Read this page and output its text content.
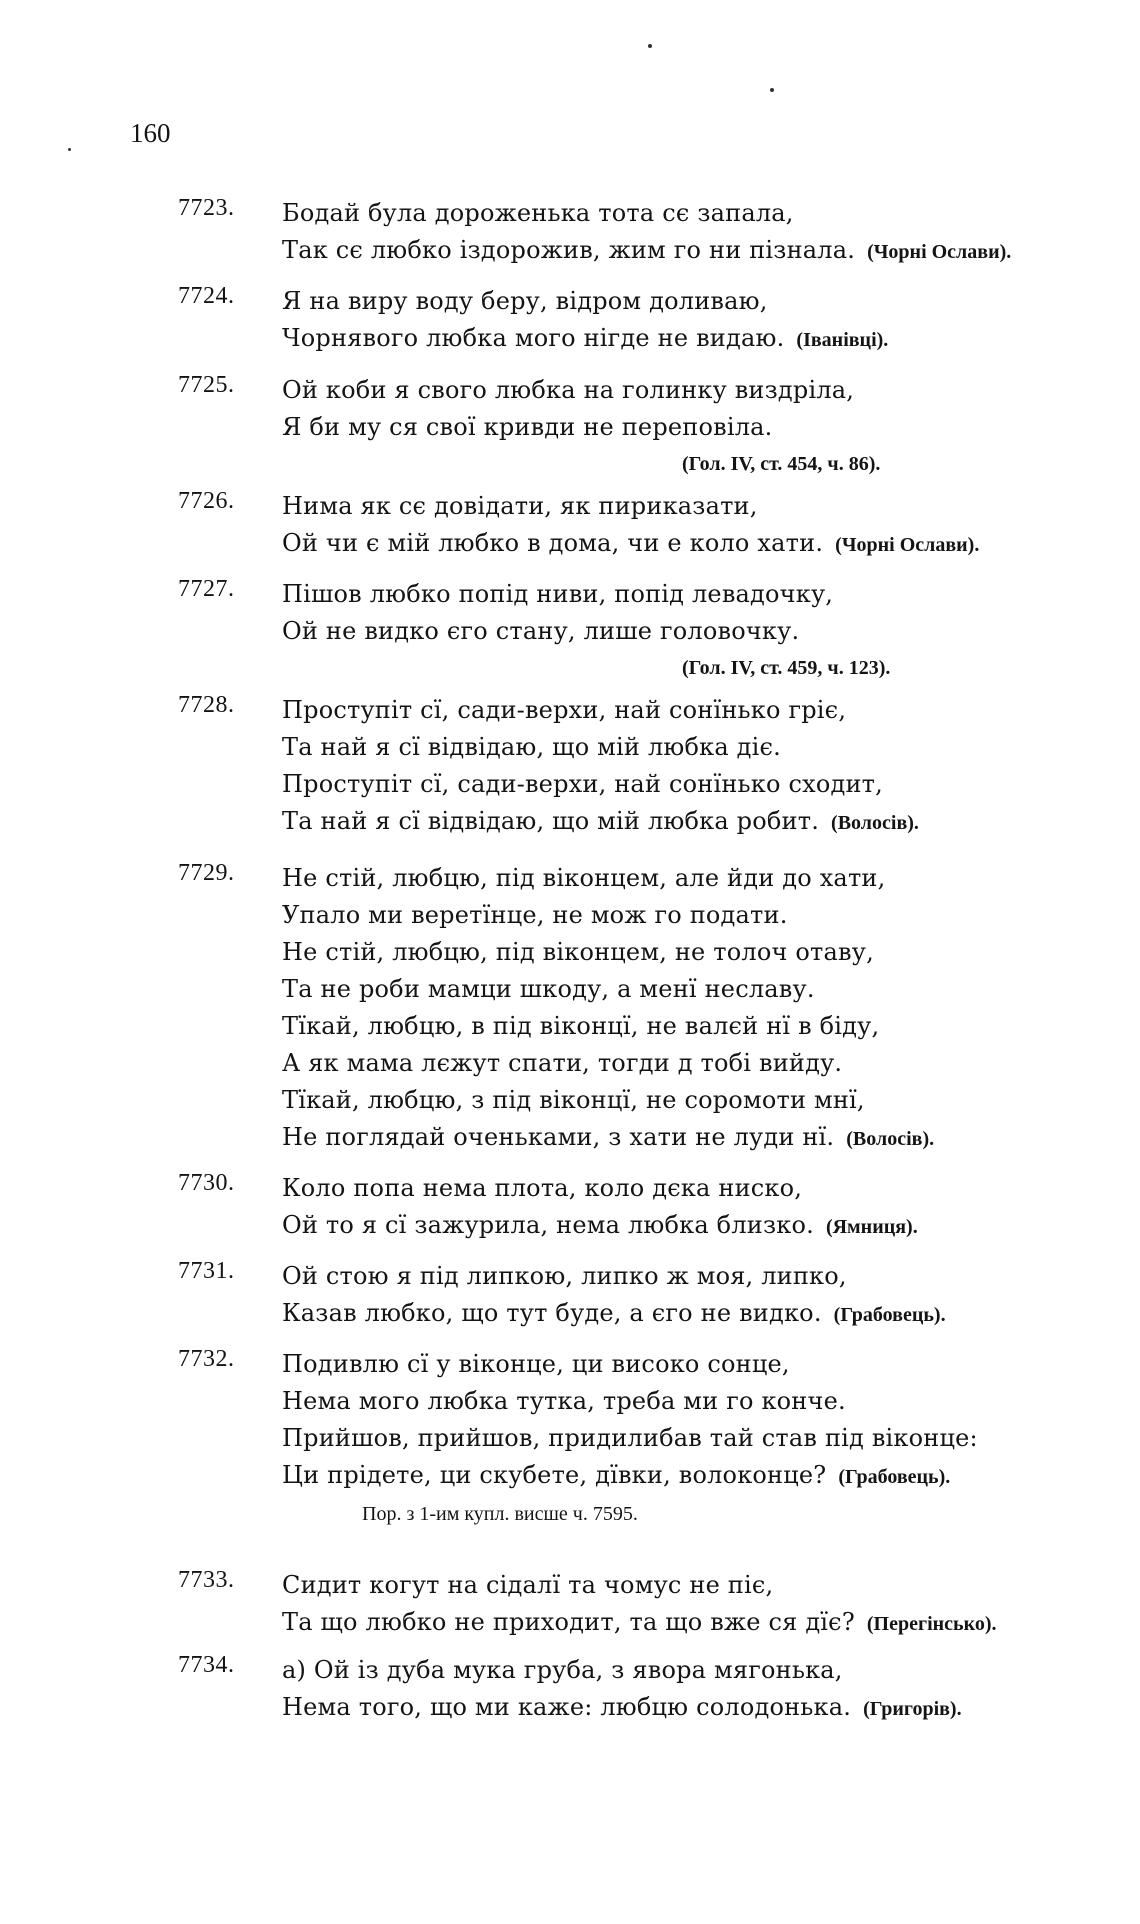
160
7723. Бодай була дороженька тота сє запала,
Так сє любко іздорожив, жим го ни пізнала. (Чорні Ослави).
7724. Я на виру воду беру, відром доливаю,
Чорнявого любка мого нігде не видаю. (Іванівці).
7725. Ой коби я свого любка на голинку виздріла,
Я би му ся свої кривди не переповіла.
(Гол. IV, ст. 454, ч. 86).
7726. Нима як сє довідати, як пириказати,
Ой чи є мій любко в дома, чи е коло хати. (Чорні Ослави).
7727. Пішов любко попід ниви, попід левадочку,
Ой не видко єго стану, лише головочку.
(Гол. IV, ст. 459, ч. 123).
7728. Проступіт сї, сади-верхи, най сонїнько гріє,
Та най я сї відвідаю, що мій любка діє.
Проступіт сї, сади-верхи, най сонїнько сходит,
Та най я сї відвідаю, що мій любка робит. (Волосів).
7729. Не стій, любцю, під віконцем, але йди до хати,
Упало ми веретїнце, не мож го подати.
Не стій, любцю, під віконцем, не толоч отаву,
Та не роби мамци шкоду, а менї неславу.
Тїкай, любцю, в під віконцї, не валєй нї в біду,
А як мама лєжут спати, тогди д тобі вийду.
Тїкай, любцю, з під віконцї, не соромоти мнї,
Не поглядай оченьками, з хати не луди нї. (Волосів).
7730. Коло попа нема плота, коло дєка ниско,
Ой то я сї зажурила, нема любка близко. (Ямниця).
7731. Ой стою я під липкою, липко ж моя, липко,
Казав любко, що тут буде, а єго не видко. (Грабовець).
7732. Подивлю сї у віконце, ци високо сонце,
Нема мого любка тутка, треба ми го конче.
Прийшов, прийшов, придилибав тай став під віконце:
Ци прідете, ци скубете, дївки, волоконце? (Грабовець).
Пор. з 1-им купл. висше ч. 7595.
7733. Сидит когут на сідалї та чомус не піє,
Та що любко не приходит, та що вже ся дїє? (Перегінсько).
7734. а) Ой із дуба мука груба, з явора мягонька,
Нема того, що ми каже: любцю солодонька. (Григорів).
